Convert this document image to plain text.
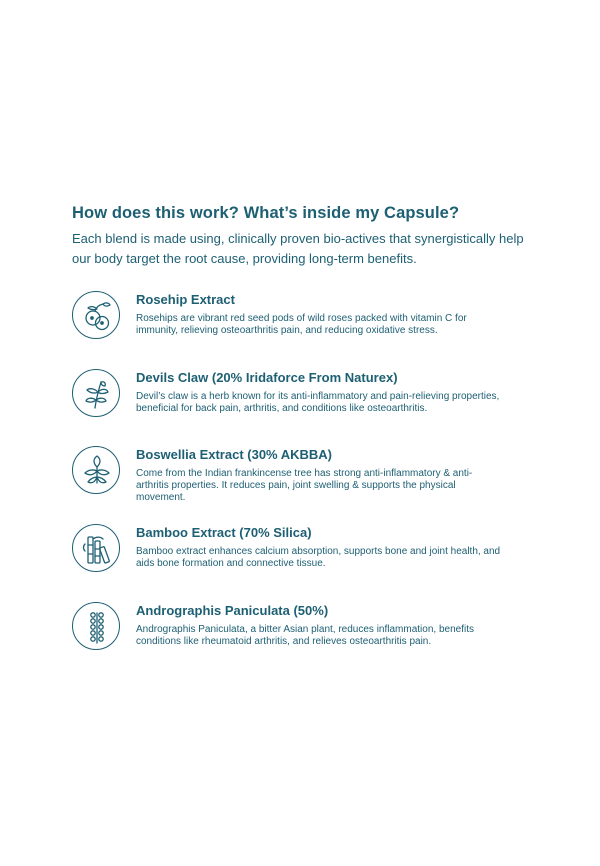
How does this work? What’s inside my Capsule?
Each blend is made using, clinically proven bio-actives that synergistically help our body target the root cause, providing long-term benefits.
Rosehip Extract
Rosehips are vibrant red seed pods of wild roses packed with vitamin C for immunity, relieving osteoarthritis pain, and reducing oxidative stress.
Devils Claw (20% Iridaforce From Naturex)
Devil’s claw is a herb known for its anti-inflammatory and pain-relieving properties, beneficial for back pain, arthritis, and conditions like osteoarthritis.
Boswellia Extract (30% AKBBA)
Come from the Indian frankincense tree has strong anti-inflammatory & anti-arthritis properties. It reduces pain, joint swelling & supports the physical movement.
Bamboo Extract (70% Silica)
Bamboo extract enhances calcium absorption, supports bone and joint health, and aids bone formation and connective tissue.
Andrographis Paniculata (50%)
Andrographis Paniculata, a bitter Asian plant, reduces inflammation, benefits conditions like rheumatoid arthritis, and relieves osteoarthritis pain.
